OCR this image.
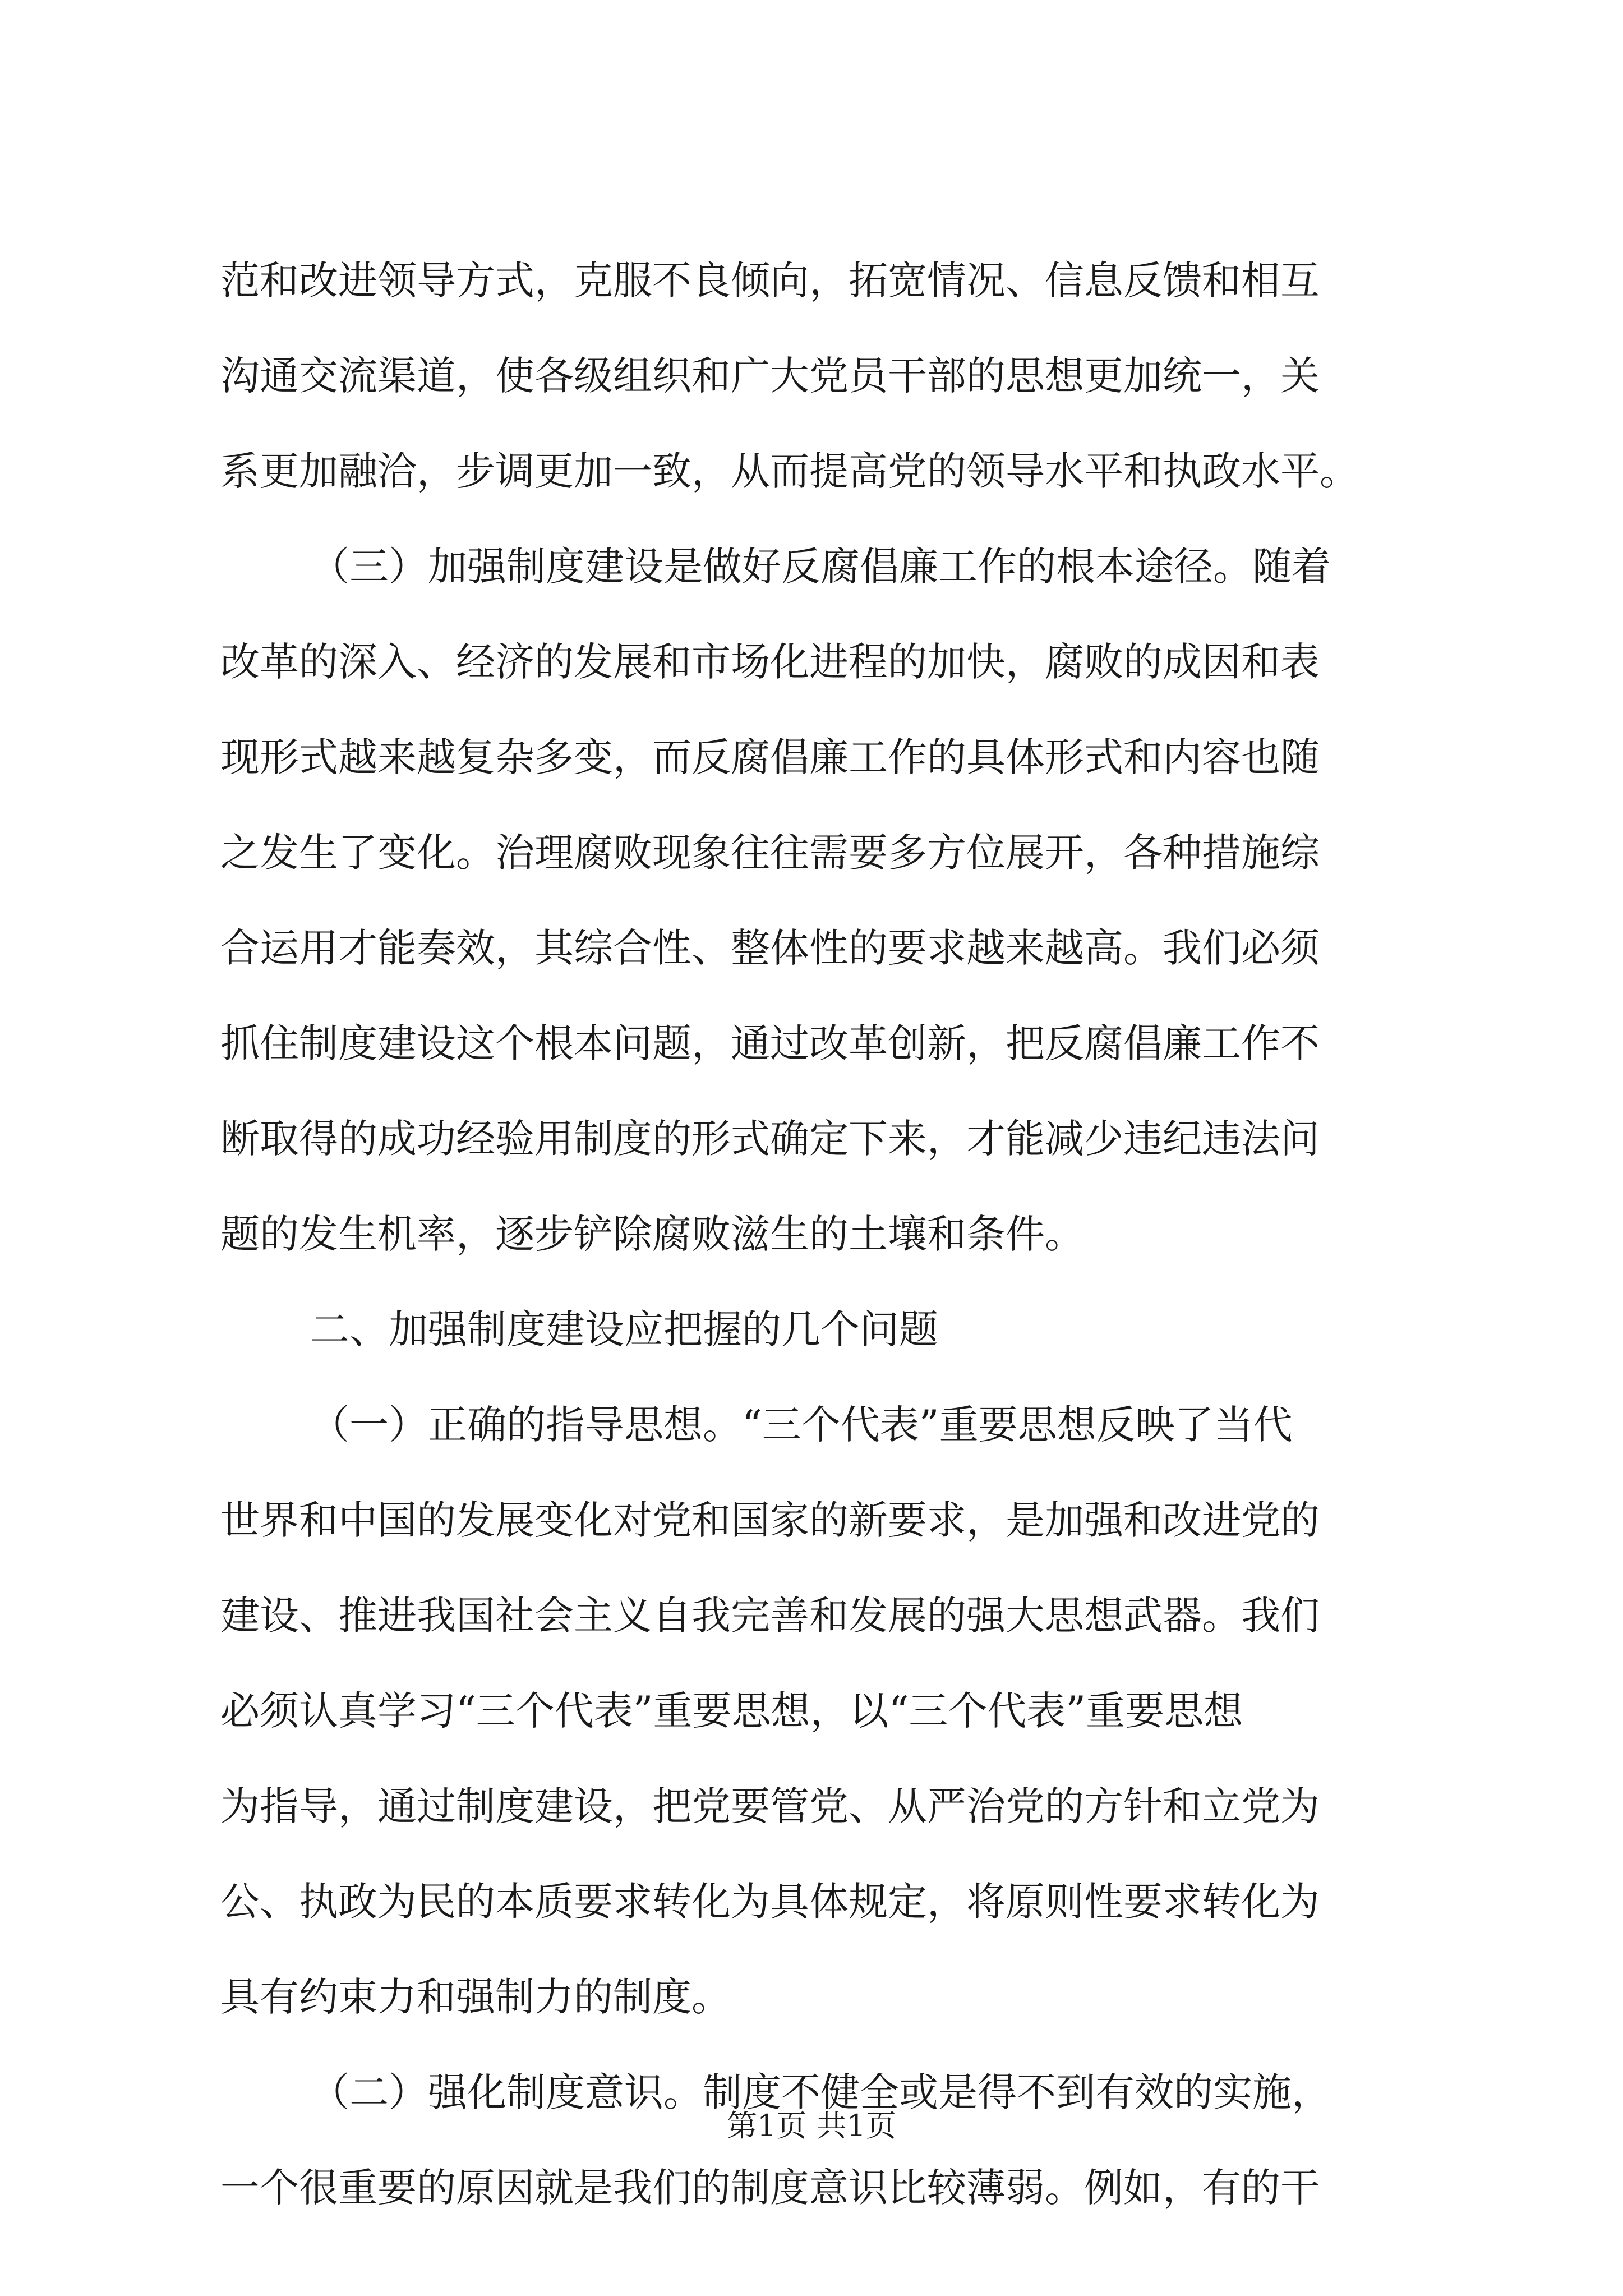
范和改进领导方式，克服不良倾向，拓宽情况、信息反馈和相互
沟通交流渠道，使各级组织和广大党员干部的思想更加统一，关
系更加融洽，步调更加一致，从而提高党的领导水平和执政水平。
（三）加强制度建设是做好反腐倡廉工作的根本途径。随着
改革的深入、经济的发展和市场化进程的加快，腐败的成因和表
现形式越来越复杂多变，而反腐倡廉工作的具体形式和内容也随
之发生了变化。治理腐败现象往往需要多方位展开，各种措施综
合运用才能奏效，其综合性、整体性的要求越来越高。我们必须
抓住制度建设这个根本问题，通过改革创新，把反腐倡廉工作不
断取得的成功经验用制度的形式确定下来，才能减少违纪违法问
题的发生机率，逐步铲除腐败滋生的土壤和条件。
二、加强制度建设应把握的几个问题
（一）正确的指导思想。“三个代表”重要思想反映了当代
世界和中国的发展变化对党和国家的新要求，是加强和改进党的
建设、推进我国社会主义自我完善和发展的强大思想武器。我们
必须认真学习“三个代表”重要思想，以“三个代表”重要思想
为指导，通过制度建设，把党要管党、从严治党的方针和立党为
公、执政为民的本质要求转化为具体规定，将原则性要求转化为
具有约束力和强制力的制度。
（二）强化制度意识。制度不健全或是得不到有效的实施，
一个很重要的原因就是我们的制度意识比较薄弱。例如，有的干
第1页 共1页
